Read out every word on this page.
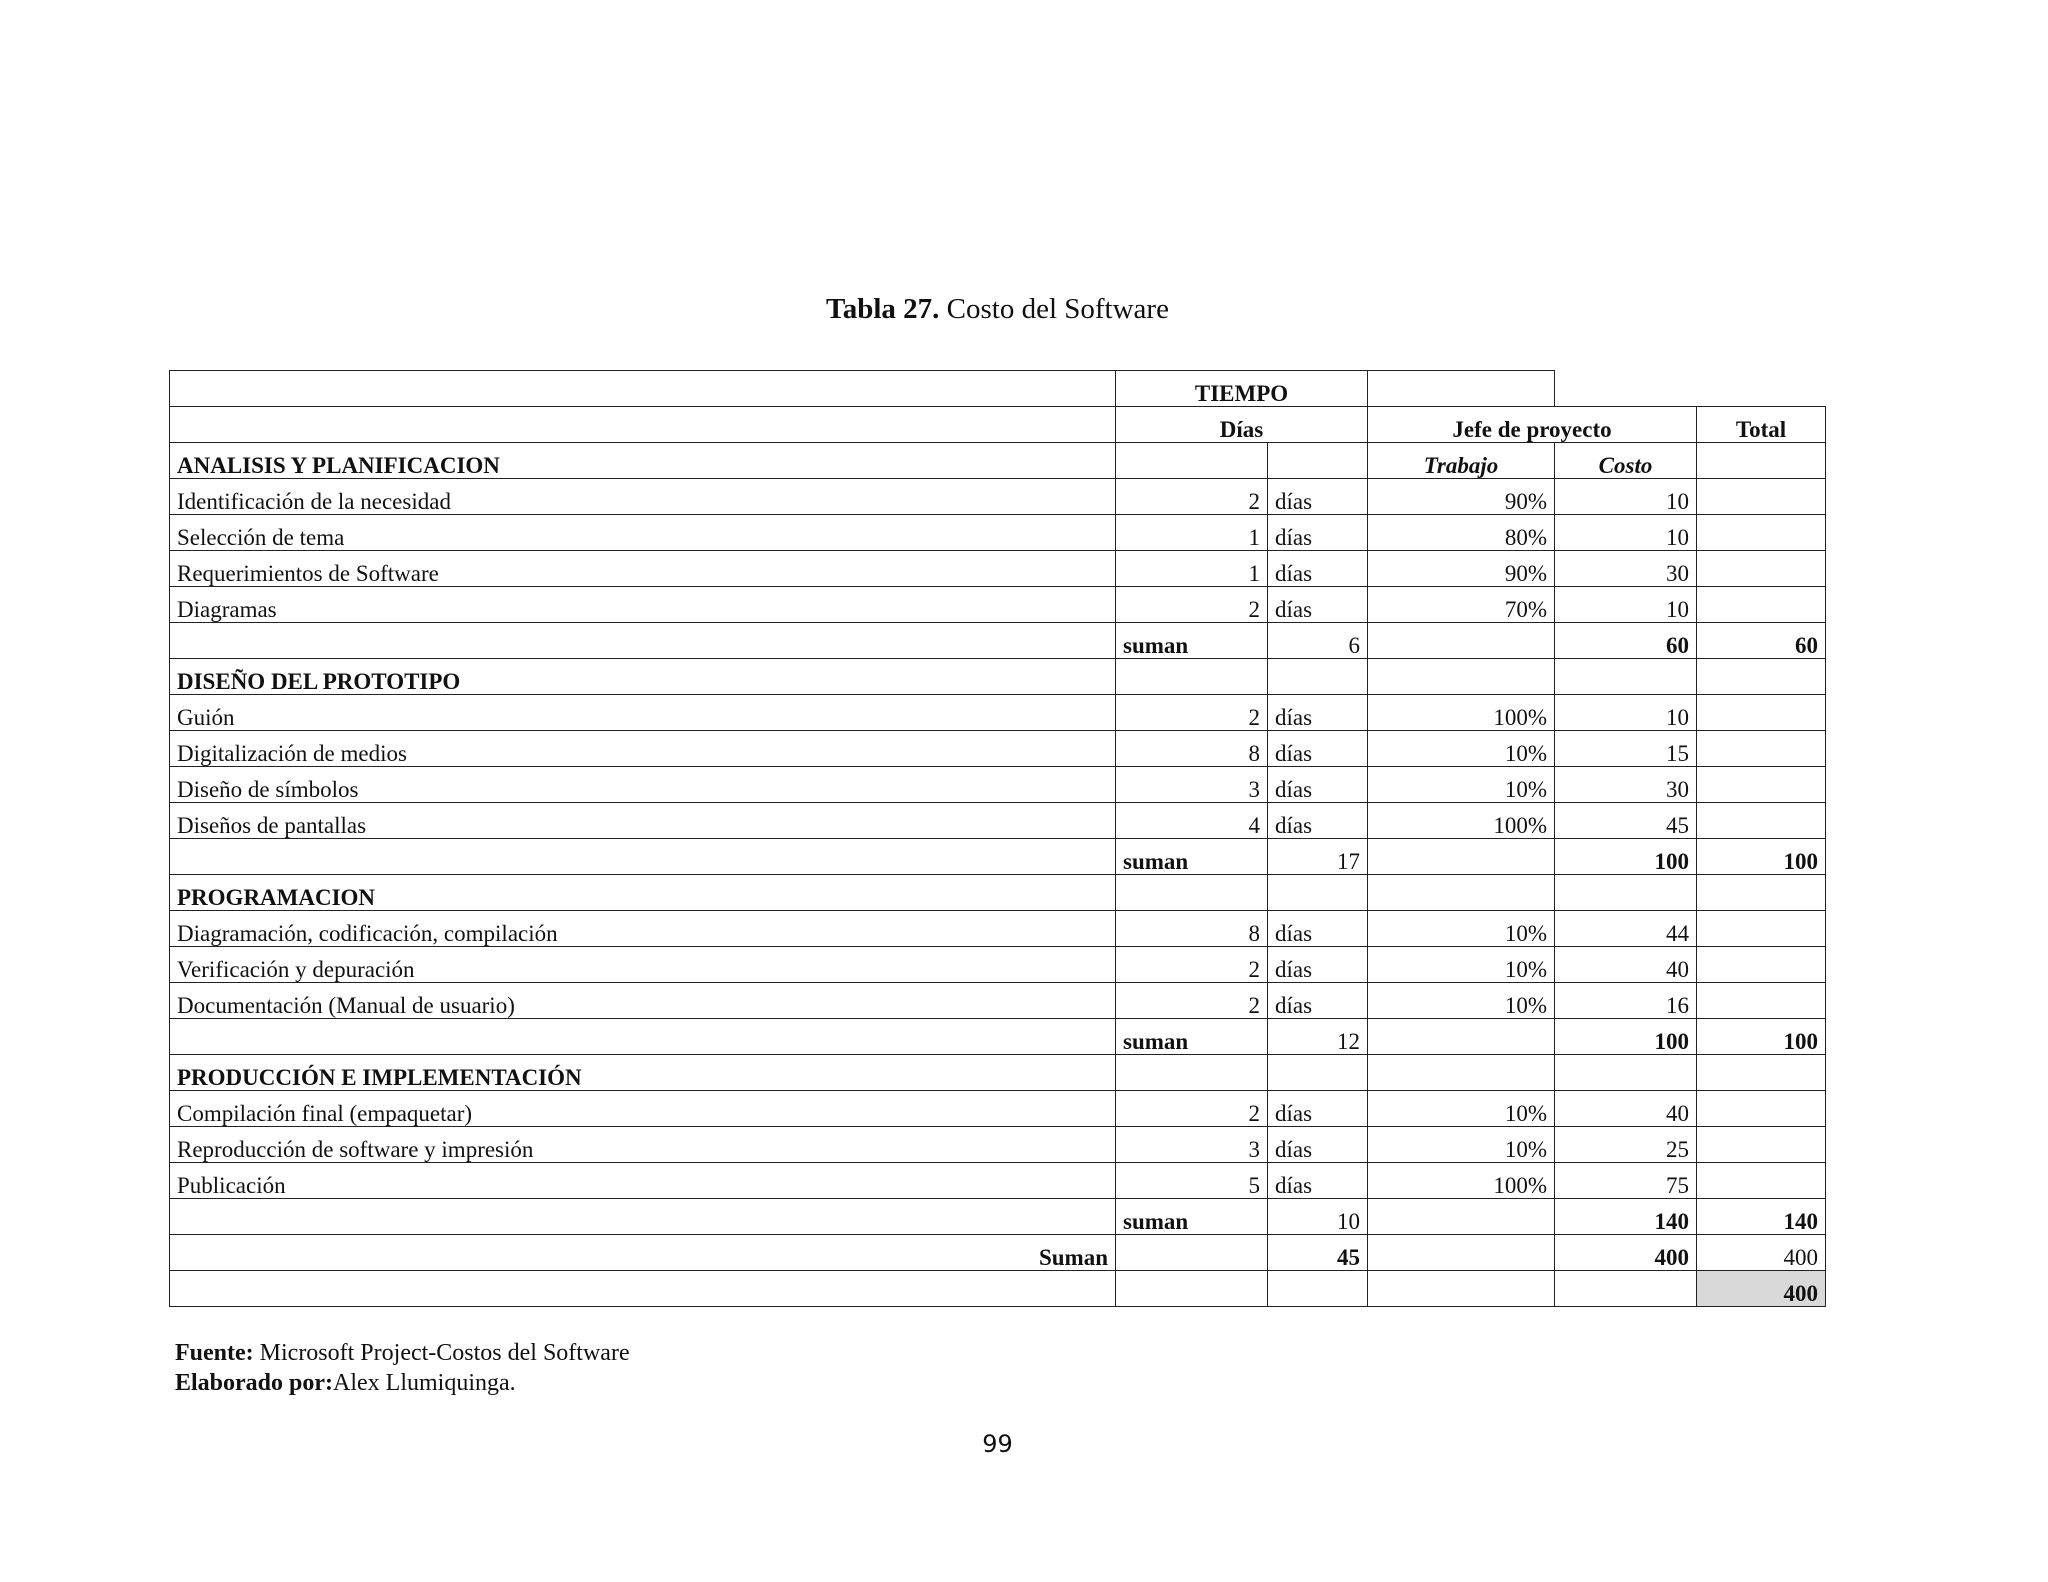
Tabla 27. Costo del Software
	TIEMPO				
	Días		Jefe de proyecto		Total
ANALISIS Y PLANIFICACION			Trabajo	Costo	
Identificación de la necesidad	2	días	90%	10	
Selección de tema	1	días	80%	10	
Requerimientos de Software	1	días	90%	30	
Diagramas	2	días	70%	10	
	suman	6		60	60
DISEÑO DEL PROTOTIPO					
Guión	2	días	100%	10	
Digitalización de medios	8	días	10%	15	
Diseño de símbolos	3	días	10%	30	
Diseños de pantallas	4	días	100%	45	
	suman	17		100	100
PROGRAMACION					
Diagramación, codificación, compilación	8	días	10%	44	
Verificación y depuración	2	días	10%	40	
Documentación (Manual de usuario)	2	días	10%	16	
	suman	12		100	100
PRODUCCIÓN E IMPLEMENTACIÓN					
Compilación final (empaquetar)	2	días	10%	40	
Reproducción de software y impresión	3	días	10%	25	
Publicación	5	días	100%	75	
	suman	10		140	140
Suman		45		400	400
					400
Fuente: Microsoft Project-Costos del Software
Elaborado por:Alex Llumiquinga.
99
